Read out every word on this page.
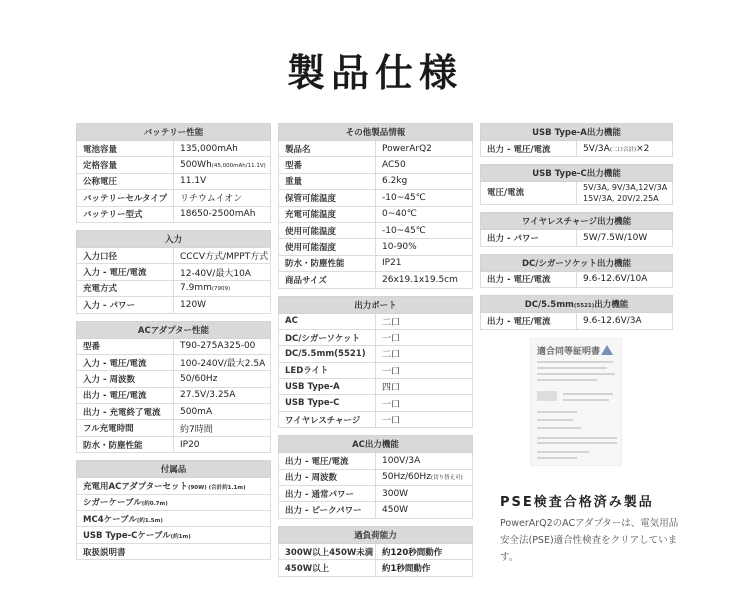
製品仕様
バッテリー性能	
電池容量	135,000mAh
定格容量	500Wh(45,000mAh/11.1V)
公称電圧	11.1V
バッテリーセルタイプ	リチウムイオン
バッテリー型式	18650-2500mAh
入力	
入力口径	CCCV方式/MPPT方式
入力 - 電圧/電流	12-40V/最大10A
充電方式	7.9mm(7909)
入力 - パワー	120W
ACアダプター性能	
型番	T90-275A325-00
入力 - 電圧/電流	100-240V/最大2.5A
入力 - 周波数	50/60Hz
出力 - 電圧/電流	27.5V/3.25A
出力 - 充電終了電流	500mA
フル充電時間	約7時間
防水・防塵性能	IP20
付属品
充電用ACアダプターセット(90W) (合計約1.1m)
シガーケーブル(約0.7m)
MC4ケーブル(約1.5m)
USB Type-Cケーブル(約1m)
取扱説明書
その他製品情報	
製品名	PowerArQ2
型番	AC50
重量	6.2kg
保管可能温度	-10~45℃
充電可能温度	0~40℃
使用可能温度	-10~45℃
使用可能湿度	10-90%
防水・防塵性能	IP21
商品サイズ	26x19.1x19.5cm
出力ポート	
AC	二口
DC/シガーソケット	一口
DC/5.5mm(5521)	二口
LEDライト	一口
USB Type-A	四口
USB Type-C	一口
ワイヤレスチャージ	一口
AC出力機能	
出力 - 電圧/電流	100V/3A
出力 - 周波数	50Hz/60Hz(切り替え可)
出力 - 通常パワー	300W
出力 - ピークパワー	450W
過負荷能力	
300W以上450W未満	約120秒間動作
450W以上	約1秒間動作
USB Type-A出力機能
出力 - 電圧/電流	5V/3A(二口合計)×2
USB Type-C出力機能
電圧/電流	5V/3A, 9V/3A,12V/3A
15V/3A, 20V/2.25A
ワイヤレスチャージ出力機能
出力 - パワー	5W/7.5W/10W
DC/シガーソケット出力機能
出力 - 電圧/電流	9.6-12.6V/10A
DC/5.5mm(5521)出力機能
出力 - 電圧/電流	9.6-12.6V/3A
適合同等証明書
PSE検査合格済み製品
PowerArQ2のACアダプターは、電気用品安全法(PSE)適合性検査をクリアしています。
